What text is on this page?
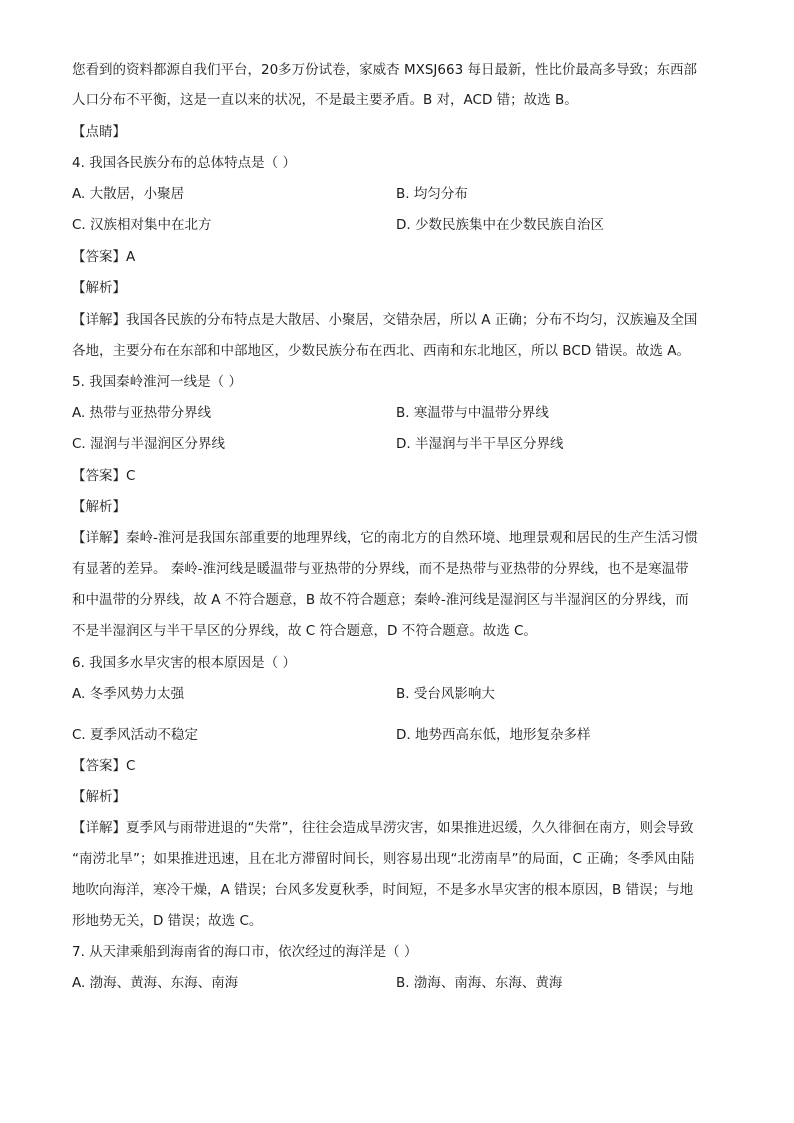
您看到的资料都源自我们平台，20多万份试卷，家威杏 MXSJ663 每日最新，性比价最高多导致；东西部
人口分布不平衡，这是一直以来的状况，不是最主要矛盾。B 对，ACD 错；故选 B。
【点睛】
4. 我国各民族分布的总体特点是（ ）
A. 大散居，小聚居	B. 均匀分布
C. 汉族相对集中在北方	D. 少数民族集中在少数民族自治区
【答案】A
【解析】
【详解】我国各民族的分布特点是大散居、小聚居，交错杂居，所以 A 正确；分布不均匀，汉族遍及全国
各地，主要分布在东部和中部地区，少数民族分布在西北、西南和东北地区，所以 BCD 错误。故选 A。
5. 我国秦岭淮河一线是（ ）
A. 热带与亚热带分界线	B. 寒温带与中温带分界线
C. 湿润与半湿润区分界线	D. 半湿润与半干旱区分界线
【答案】C
【解析】
【详解】秦岭-淮河是我国东部重要的地理界线，它的南北方的自然环境、地理景观和居民的生产生活习惯
有显著的差异。 秦岭-淮河线是暖温带与亚热带的分界线，而不是热带与亚热带的分界线，也不是寒温带
和中温带的分界线，故 A 不符合题意，B 故不符合题意；秦岭-淮河线是湿润区与半湿润区的分界线，而
不是半湿润区与半干旱区的分界线，故 C 符合题意，D 不符合题意。故选 C。
6. 我国多水旱灾害的根本原因是（ ）
A. 冬季风势力太强	B. 受台风影响大
C. 夏季风活动不稳定	D. 地势西高东低，地形复杂多样
【答案】C
【解析】
【详解】夏季风与雨带进退的“失常”，往往会造成旱涝灾害，如果推进迟缓，久久徘徊在南方，则会导致
“南涝北旱”；如果推进迅速，且在北方滞留时间长，则容易出现“北涝南旱”的局面，C 正确；冬季风由陆
地吹向海洋，寒冷干燥，A 错误；台风多发夏秋季，时间短，不是多水旱灾害的根本原因，B 错误；与地
形地势无关，D 错误；故选 C。
7. 从天津乘船到海南省的海口市，依次经过的海洋是（ ）
A. 渤海、黄海、东海、南海	B. 渤海、南海、东海、黄海
